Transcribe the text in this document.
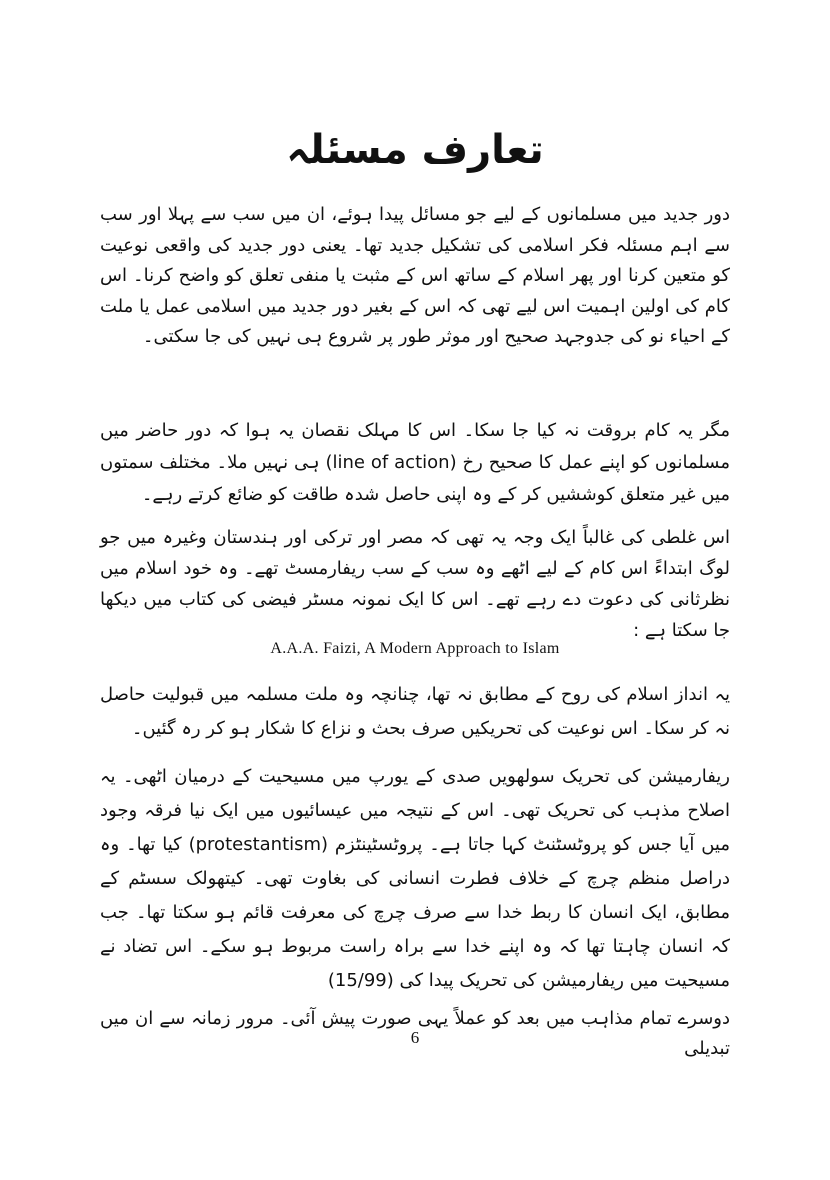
تعارف مسئلہ

دور جدید میں مسلمانوں کے لیے جو مسائل پیدا ہوئے، ان میں سب سے پہلا اور سب سے اہم مسئلہ فکر اسلامی کی تشکیل جدید تھا۔ یعنی دور جدید کی واقعی نوعیت کو متعین کرنا اور پھر اسلام کے ساتھ اس کے مثبت یا منفی تعلق کو واضح کرنا۔ اس کام کی اولین اہمیت اس لیے تھی کہ اس کے بغیر دور جدید میں اسلامی عمل یا ملت کے احیاء نو کی جدوجہد صحیح اور موثر طور پر شروع ہی نہیں کی جا سکتی۔

مگر یہ کام بروقت نہ کیا جا سکا۔ اس کا مہلک نقصان یہ ہوا کہ دور حاضر میں مسلمانوں کو اپنے عمل کا صحیح رخ (line of action) ہی نہیں ملا۔ مختلف سمتوں میں غیر متعلق کوششیں کر کے وہ اپنی حاصل شدہ طاقت کو ضائع کرتے رہے۔

اس غلطی کی غالباً ایک وجہ یہ تھی کہ مصر اور ترکی اور ہندستان وغیرہ میں جو لوگ ابتداءً اس کام کے لیے اٹھے وہ سب کے سب ریفارمسٹ تھے۔ وہ خود اسلام میں نظرثانی کی دعوت دے رہے تھے۔ اس کا ایک نمونہ مسٹر فیضی کی کتاب میں دیکھا جا سکتا ہے :

A.A.A. Faizi, A Modern Approach to Islam

یہ انداز اسلام کی روح کے مطابق نہ تھا، چنانچہ وہ ملت مسلمہ میں قبولیت حاصل نہ کر سکا۔ اس نوعیت کی تحریکیں صرف بحث و نزاع کا شکار ہو کر رہ گئیں۔

ریفارمیشن کی تحریک سولھویں صدی کے یورپ میں مسیحیت کے درمیان اٹھی۔ یہ اصلاح مذہب کی تحریک تھی۔ اس کے نتیجہ میں عیسائیوں میں ایک نیا فرقہ وجود میں آیا جس کو پروٹسٹنٹ کہا جاتا ہے۔ پروٹسٹینٹزم (protestantism) کیا تھا۔ وہ دراصل منظم چرچ کے خلاف فطرت انسانی کی بغاوت تھی۔ کیتھولک سسٹم کے مطابق، ایک انسان کا ربط خدا سے صرف چرچ کی معرفت قائم ہو سکتا تھا۔ جب کہ انسان چاہتا تھا کہ وہ اپنے خدا سے براہ راست مربوط ہو سکے۔ اس تضاد نے مسیحیت میں ریفارمیشن کی تحریک پیدا کی (15/99)

دوسرے تمام مذاہب میں بعد کو عملاً یہی صورت پیش آئی۔ مرور زمانہ سے ان میں تبدیلی

6
